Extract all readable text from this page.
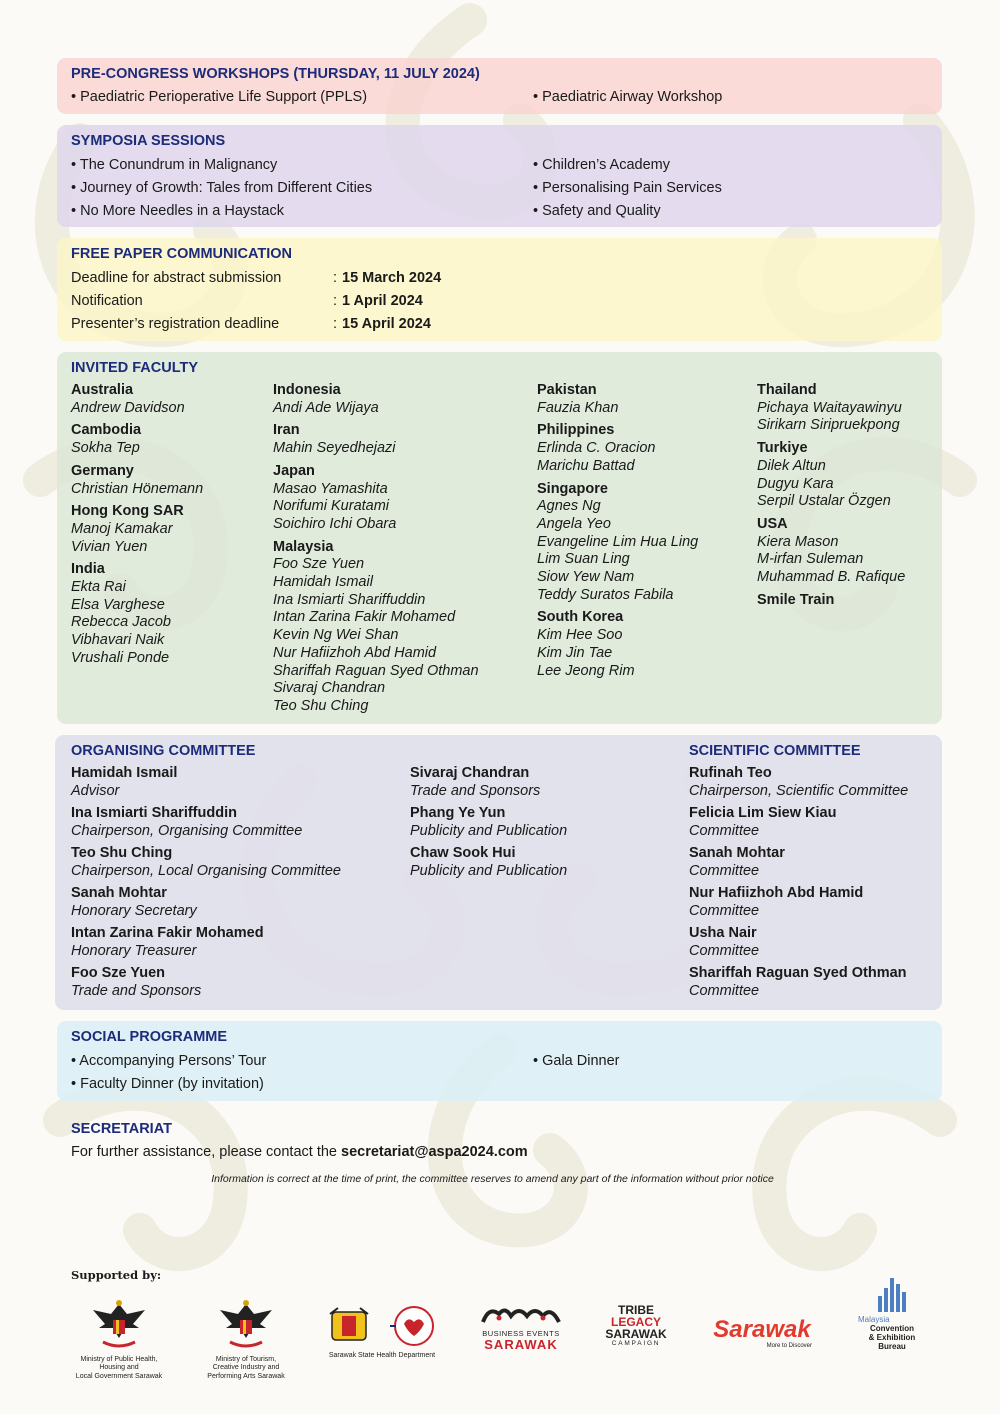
PRE-CONGRESS WORKSHOPS (THURSDAY, 11 JULY 2024)
• Paediatric Perioperative Life Support (PPLS)	• Paediatric Airway Workshop
SYMPOSIA SESSIONS
• The Conundrum in Malignancy
• Journey of Growth: Tales from Different Cities
• No More Needles in a Haystack
• Children’s Academy
• Personalising Pain Services
• Safety and Quality
FREE PAPER COMMUNICATION
Deadline for abstract submission	: 15 March 2024
Notification	: 1 April 2024
Presenter’s registration deadline	: 15 April 2024
INVITED FACULTY
Australia
Andrew Davidson
Cambodia
Sokha Tep
Germany
Christian Hönemann
Hong Kong SAR
Manoj Kamakar
Vivian Yuen
India
Ekta Rai
Elsa Varghese
Rebecca Jacob
Vibhavari Naik
Vrushali Ponde
Indonesia
Andi Ade Wijaya
Iran
Mahin Seyedhejazi
Japan
Masao Yamashita
Norifumi Kuratami
Soichiro Ichi Obara
Malaysia
Foo Sze Yuen
Hamidah Ismail
Ina Ismiarti Shariffuddin
Intan Zarina Fakir Mohamed
Kevin Ng Wei Shan
Nur Hafiizhoh Abd Hamid
Shariffah Raguan Syed Othman
Sivaraj Chandran
Teo Shu Ching
Pakistan
Fauzia Khan
Philippines
Erlinda C. Oracion
Marichu Battad
Singapore
Agnes Ng
Angela Yeo
Evangeline Lim Hua Ling
Lim Suan Ling
Siow Yew Nam
Teddy Suratos Fabila
South Korea
Kim Hee Soo
Kim Jin Tae
Lee Jeong Rim
Thailand
Pichaya Waitayawinyu
Sirikarn Siripruekpong
Turkiye
Dilek Altun
Dugyu Kara
Serpil Ustalar Özgen
USA
Kiera Mason
M-irfan Suleman
Muhammad B. Rafique
Smile Train
ORGANISING COMMITTEE
Hamidah Ismail
Advisor
Ina Ismiarti Shariffuddin
Chairperson, Organising Committee
Teo Shu Ching
Chairperson, Local Organising Committee
Sanah Mohtar
Honorary Secretary
Intan Zarina Fakir Mohamed
Honorary Treasurer
Foo Sze Yuen
Trade and Sponsors
Sivaraj Chandran
Trade and Sponsors
Phang Ye Yun
Publicity and Publication
Chaw Sook Hui
Publicity and Publication
SCIENTIFIC COMMITTEE
Rufinah Teo
Chairperson, Scientific Committee
Felicia Lim Siew Kiau
Committee
Sanah Mohtar
Committee
Nur Hafiizhoh Abd Hamid
Committee
Usha Nair
Committee
Shariffah Raguan Syed Othman
Committee
SOCIAL PROGRAMME
• Accompanying Persons’ Tour
• Faculty Dinner (by invitation)
• Gala Dinner
SECRETARIAT
For further assistance, please contact the secretariat@aspa2024.com
Information is correct at the time of print, the committee reserves to amend any part of the information without prior notice
Supported by:
Ministry of Public Health,
Housing and
Local Government Sarawak
Ministry of Tourism,
Creative Industry and
Performing Arts Sarawak
Sarawak State Health Department
BUSINESS EVENTS
SARAWAK
TRIBE
LEGACY
SARAWAK
CAMPAIGN
Sarawak
More to Discover
Malaysia
Convention
& Exhibition
Bureau
